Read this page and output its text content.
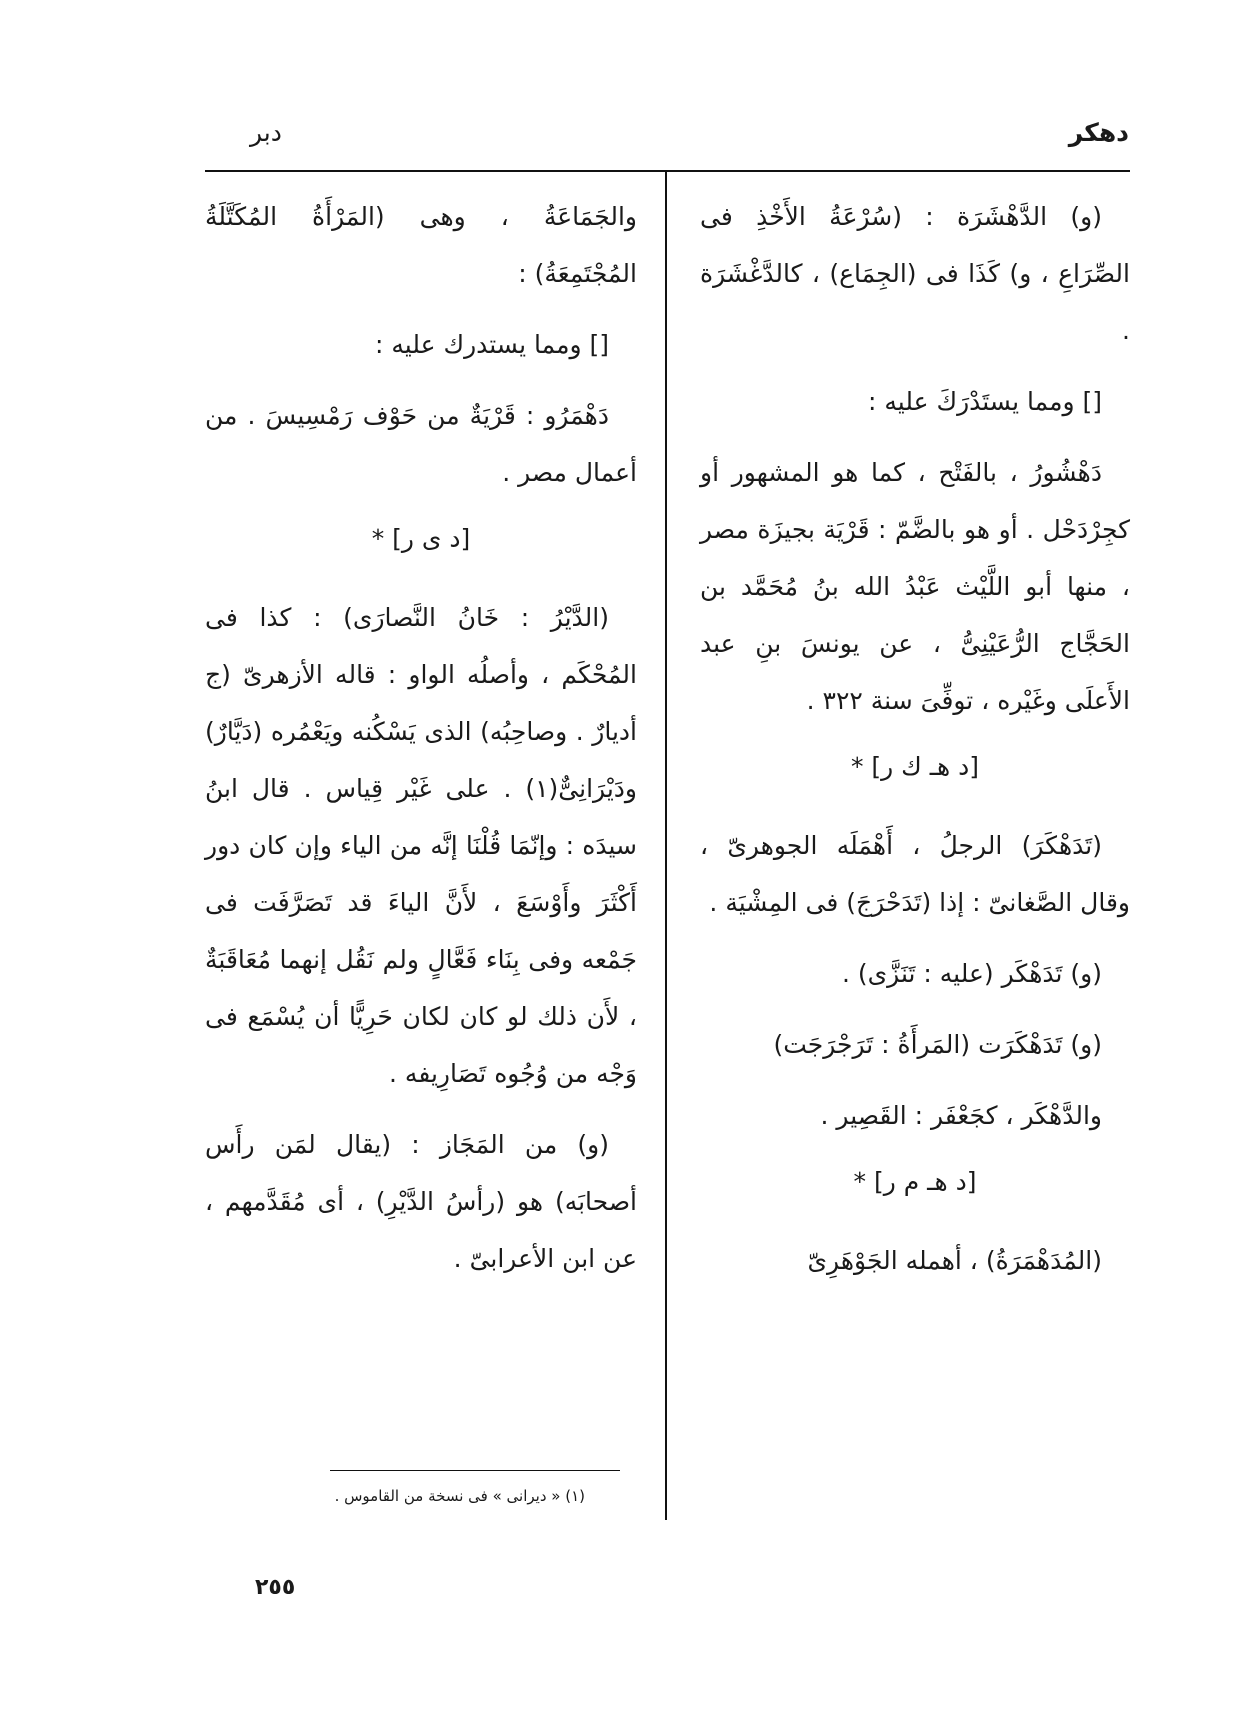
دهكر
دبر

(و) الدَّهْشَرَة : (سُرْعَةُ الأَخْذِ فى الصِّرَاعِ ، و) كَذَا فى (الجِمَاع) ، كالدَّغْشَرَة .

[] ومما يستَدْرَكَ عليه :

دَهْشُورُ ، بالفَتْح ، كما هو المشهور أو كجِرْدَحْل . أو هو بالضَّمّ : قَرْيَة بجيزَة مصر ، منها أبو اللَّيْث عَبْدُ الله بنُ مُحَمَّد بن الحَجَّاج الرُّعَيْنِىُّ ، عن يونسَ بنِ عبد الأَعلَى وغَيْره ، توفِّىَ سنة ٣٢٢ .

[د هـ ك ر] *

(تَدَهْكَرَ) الرجلُ ، أَهْمَلَه الجوهرىّ ، وقال الصَّغانىّ : إذا (تَدَحْرَجَ) فى المِشْيَة .

(و) تَدَهْكَر (عليه : تَنَزَّى) .

(و) تَدَهْكَرَت (المَرأَةُ : تَرَجْرَجَت)

والدَّهْكَر ، كجَعْفَر : القَصِير .

[د هـ م ر] *

(المُدَهْمَرَةُ) ، أهمله الجَوْهَرِىّ

والجَمَاعَةُ ، وهى (المَرْأَةُ المُكَتَّلَةُ المُجْتَمِعَةُ) :

[] ومما يستدرك عليه :

دَهْمَرُو : قَرْيَةٌ من حَوْف رَمْسِيسَ . من أعمال مصر .

[د ى ر] *

(الدَّيْرُ : خَانُ النَّصارَى) : كذا فى المُحْكَم ، وأصلُه الواو : قاله الأزهرىّ (ج أديارٌ . وصاحِبُه) الذى يَسْكُنه ويَعْمُره (دَيَّارٌ) ودَيْرَانِىٌّ(١) . على غَيْر قِياس . قال ابنُ سيدَه : وإنّمَا قُلْنَا إنَّه من الياء وإن كان دور أَكْثَرَ وأَوْسَعَ ، لأَنَّ الياءَ قد تَصَرَّفَت فى جَمْعه وفى بِنَاء فَعَّالٍ ولم نَقُل إنهما مُعَاقَبَةٌ ، لأَن ذلك لو كان لكان حَرِيًّا أن يُسْمَع فى وَجْه من وُجُوه تَصَارِيفه .

(و) من المَجَاز : (يقال لمَن رأَس أصحابَه) هو (رأسُ الدَّيْرِ) ، أى مُقَدَّمهم ، عن ابن الأعرابىّ .

(١) « ديرانى » فى نسخة من القاموس .
٢٥٥
